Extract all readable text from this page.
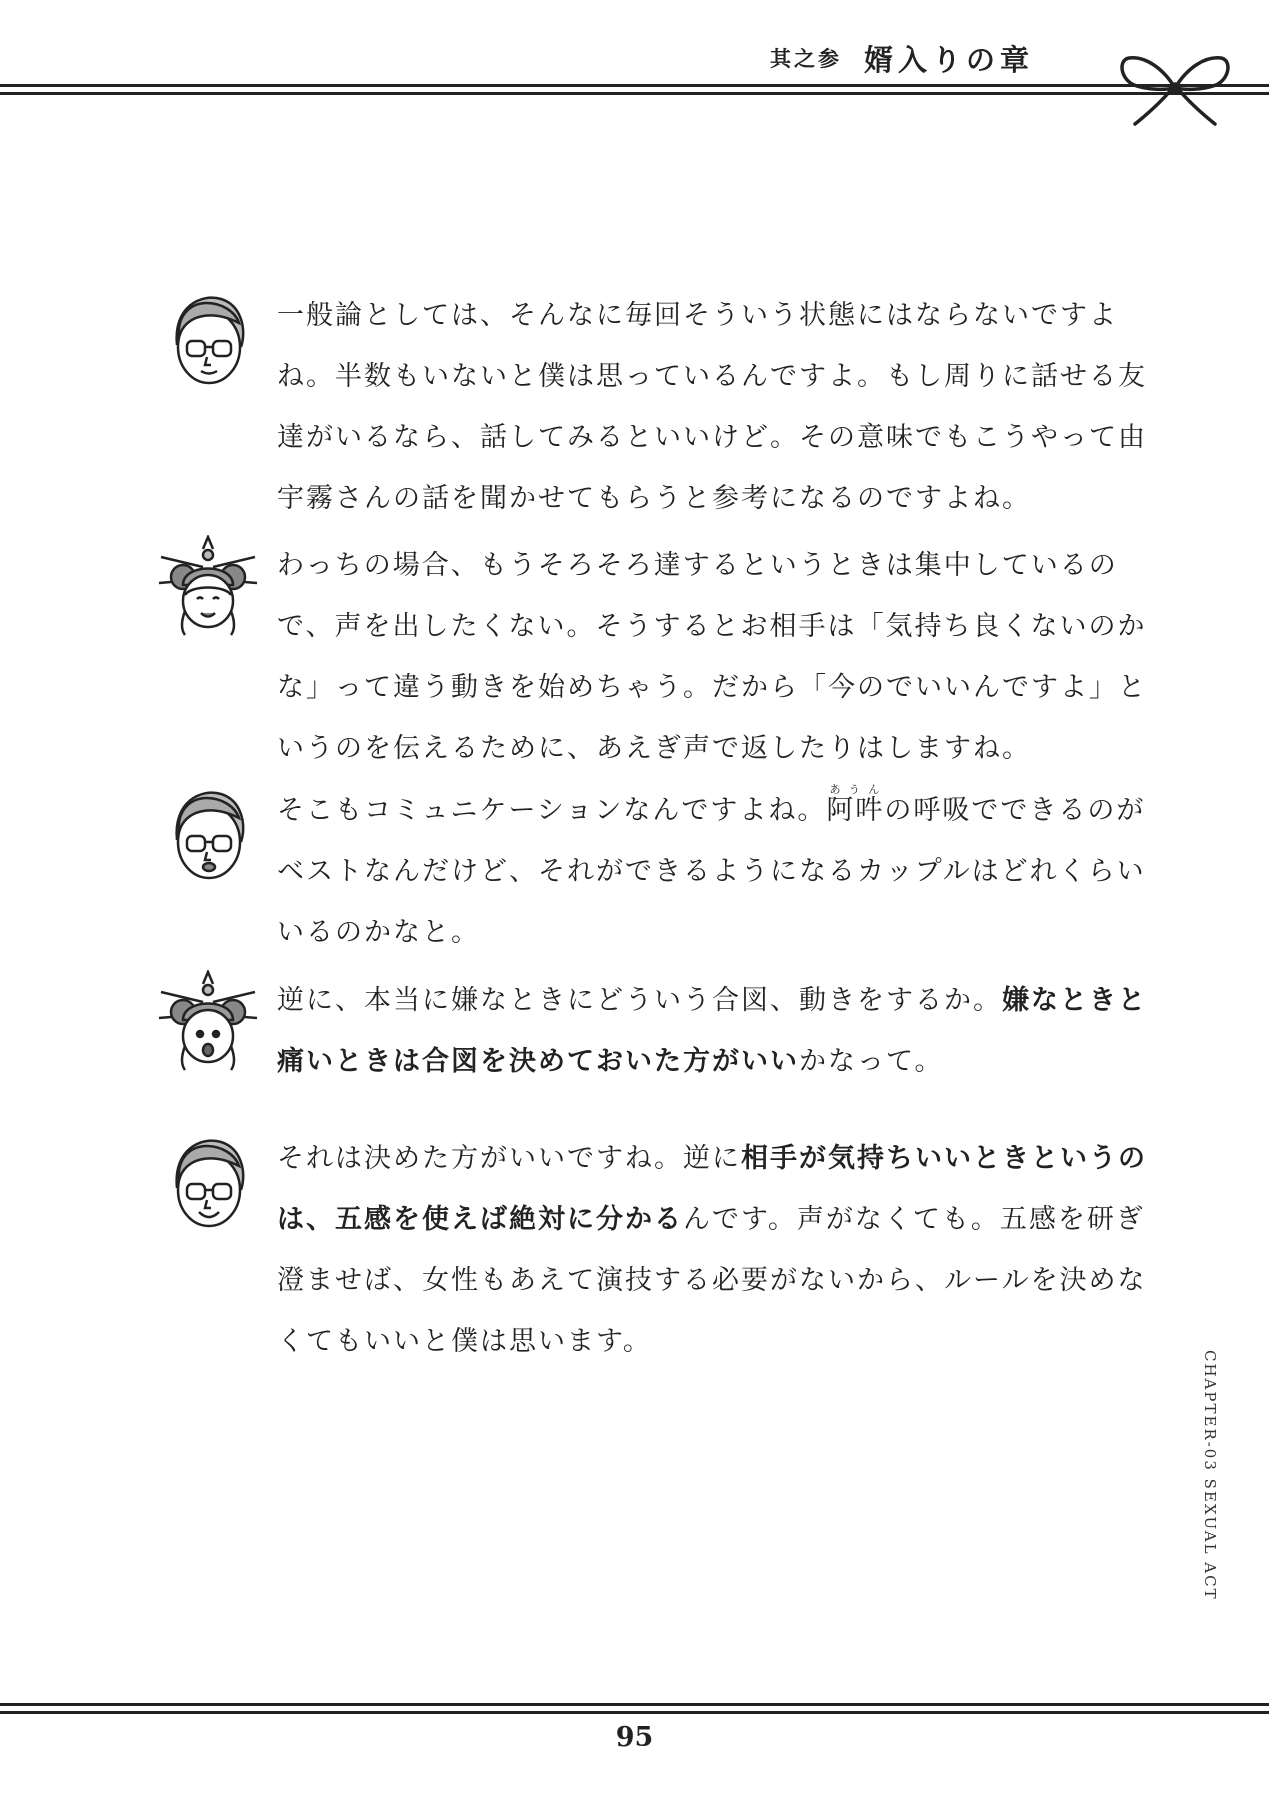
其之参 婿入りの章

一般論としては、そんなに毎回そういう状態にはならないですよね。半数もいないと僕は思っているんですよ。もし周りに話せる友達がいるなら、話してみるといいけど。その意味でもこうやって由宇霧さんの話を聞かせてもらうと参考になるのですよね。

わっちの場合、もうそろそろ達するというときは集中しているので、声を出したくない。そうするとお相手は「気持ち良くないのかな」って違う動きを始めちゃう。だから「今のでいいんですよ」というのを伝えるために、あえぎ声で返したりはしますね。

そこもコミュニケーションなんですよね。阿吽あうんの呼吸でできるのがベストなんだけど、それができるようになるカップルはどれくらいいるのかなと。

逆に、本当に嫌なときにどういう合図、動きをするか。嫌なときと痛いときは合図を決めておいた方がいいかなって。

それは決めた方がいいですね。逆に相手が気持ちいいときというのは、五感を使えば絶対に分かるんです。声がなくても。五感を研ぎ澄ませば、女性もあえて演技する必要がないから、ルールを決めなくてもいいと僕は思います。

CHAPTER-03 SEXUAL ACT
95
